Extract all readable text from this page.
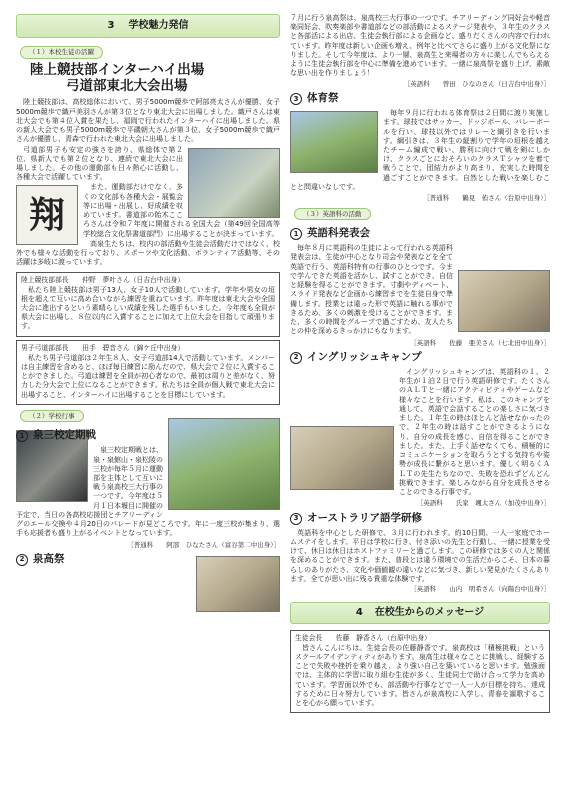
3 学校魅力発信
（１）本校生徒の活躍
陸上競技部インターハイ出場
弓道部東北大会出場

陸上競技部は、高校総体において、男子5000m競歩で阿部亮太さんが優勝、女子5000m競歩で織戸美羽さんが第３位となり東北大会に出場しました。織戸さんは東北大会でも第４位入賞を果たし、福岡で行われたインターハイに出場しました。県の新人大会でも男子5000m競歩で平磯朝大さんが第３位、女子5000m競歩で織戸さんが優勝し、青森で行われた東北大会に出場しました。

弓道部男子も安定の強さを誇り、県総体で第２位、県新人でも第２位となり、連続で東北大会に出場しました。その他の運動部も日々熱心に活動し、各種大会で活躍しています。

翔

また、運動部だけでなく、多くの文化部も各種大会・展覧会等に出場・出展し、好成績を収めています。書道部の飴木こころさんは令和７年度に開催される全国大会（第49回全国高等学校総合文化祭書道部門）に出場することが決まっています。

高泉生たちは、校内の部活動や生徒会活動だけではなく、校外でも様々な活動を行っており、スポーツや文化活動、ボランティア活動等、その活躍は多岐に渡っています。

陸上競技部部長　　仲野　夢叶さん（日吉台中出身）

私たち陸上競技部は男子13人、女子10人で活動しています。学年や男女の垣根を超えて互いに高め合いながら練習を重ねています。昨年度は東北大会や全国大会に進出するという素晴らしい成績を残した選手もいました。今年度も全員が県大会に出場し、８位以内に入賞することに加えて上位大会を目指して頑張ります。

男子弓道部部長　　田手　碧音さん（錦ケ丘中出身）

私たち男子弓道部は２年生８人、女子弓道部14人で活動しています。メンバーは自主練習を含めると、ほぼ毎日練習に励んだので、県大会で２位に入賞することができました。弓道は練習を全員が初心者なので、最初は周りと差がなく、努力した分大会で上位になることができます。私たちは全員が個人戦で東北大会に出場すること、インターハイに出場することを目標にしています。

（２）学校行事
1 泉三校定期戦

泉三校定期戦とは、泉・泉館山・泉松陵の三校が毎年５月に運動部を主体として互いに戦う泉高校三大行事の一つです。今年度は５月１日本堰目に開催の予定で、当日の各高校応援団とチアリーディングのエール交換や４月20日のパレードが見どころです。年に一度三校が集まり、選手も応援者も盛り上がるイベントとなっています。

［普通科　　阿部　ひなたさん（富谷第二中出身）］
2 泉高祭

７月に行う泉高祭は、泉高校三大行事の一つです。チアリーディング同好会や軽音楽同好会、吹奏楽部や書道部などの部活動によるステージ発表や、３年生のクラスと各部活による出店、生徒会執行部による企画など、盛りだくさんの内容で行われています。昨年度は新しい企画も増え、例年と比べてさらに盛り上がる文化祭になりました。そして今年度は、より一層、泉高生と来場者の方々に楽しんでもらえるように生徒会執行部を中心に準備を進めています。一緒に泉高祭を盛り上げ、素敵な思い出を作りましょう！

［英語科　　曽田　ひなのさん（日吉台中出身）］
3 体育祭

毎年９月に行われる体育祭は２日間に渡り実施します。球技ではサッカー、ドッジボール、バレーボールを行い、球技以外ではリレーと綱引きを行います。綱引きは、３年生の縦割りで学年の垣根を越えたチーム編成で戦い、勝利に向けて戦を剣にしかけ、クラスごとにおそろいのクラスＴシャツを着て戦うことで、団結力がより高まり、充実した時間を過ごすことができます。自然とした戦いを楽しむことと問違いなしです。

［普通科　　鶴見　侑さん（台原中出身）］
（３）英語科の活動
1 英語科発表会

毎年８月に英語科の生徒によって行われる英語科発表会は、生徒が中心となり司会や発表などを全て英語で行う、英語科特有の行事のひとつです。今まで学んできた英語を活かし、試すことができ、自信と経験を得ることができます。寸劇やディベート、スライド発表など企画から練習までを生徒自身で準備します。授業とは違った形で英語に触れる事ができるため、多くの刺激を受けることができます。また、多くの時間をグループで過ごすため、友人たちとの仲を深めるきっかけにもなります。

［英語科　　佐藤　亜美さん（七北田中出身）］
2 イングリッシュキャンプ

イングリッシュキャンプは、英語科の１、２年生が１泊２日で行う英語研修です。たくさんのＡＬＴと一緒にアクティビティやゲームなど様々なことを行います。私は、このキャンプを通して、英語で会話することの楽しさに気づきました。１年生の時はほとんど話せなかったので、２年生の時は話すことができるようになり、自分の成長を感じ、自信を得ることができました。また、上手く話せなくても、積極的にコミュニケーションを取ろうとする気持ちや姿勢が成長に繋がると思います。優しく明るくＡＬＴの先生たちなので、失敗を恐れずどんどん挑戦できます。楽しみながら自分を成長させることのできる行事です。

［英語科　　氏家　颯太さん（加茂中出身）］
3 オーストラリア語学研修

英語科を中心とした研修で、３月に行われます。約10日間、一人一家庭でホームステイをします。平日は学校に行き、付き添いの先生と行動し、一緒に授業を受けて、休日は休日はホストファミリーと過ごします。この研修では多くの人と関係を深めることができます。また、普段とは違う環境での生活だからこそ、日本の暮らしのありがたさ、文化や価値観の違いなどに気づき、新しい発見がたくさんあります。全てが思い出に残る貴重な体験です。

［英語科　　山内　明希さん（向陽台中出身）］
4 在校生からのメッセージ
生徒会長　　佐藤　静香さん（台原中出身）

皆さんこんにちは。生徒会長の佐藤静香です。泉高校は「積極挑戦」というスクールアイデンティティがあります。泉高生は様々なことに挑戦し、経験することで失敗や挫折を乗り越え、より強い自己を築いていると思います。勉強面では、主体的に学習に取り組む生徒が多く、生徒同士で助け合って学力を高めています。学習面以外でも、部活動や行事などで一人一人が目標を持ち、達成するために日々努力しています。皆さんが泉高校に入学し、青春を謳歌することを心から願っています。
